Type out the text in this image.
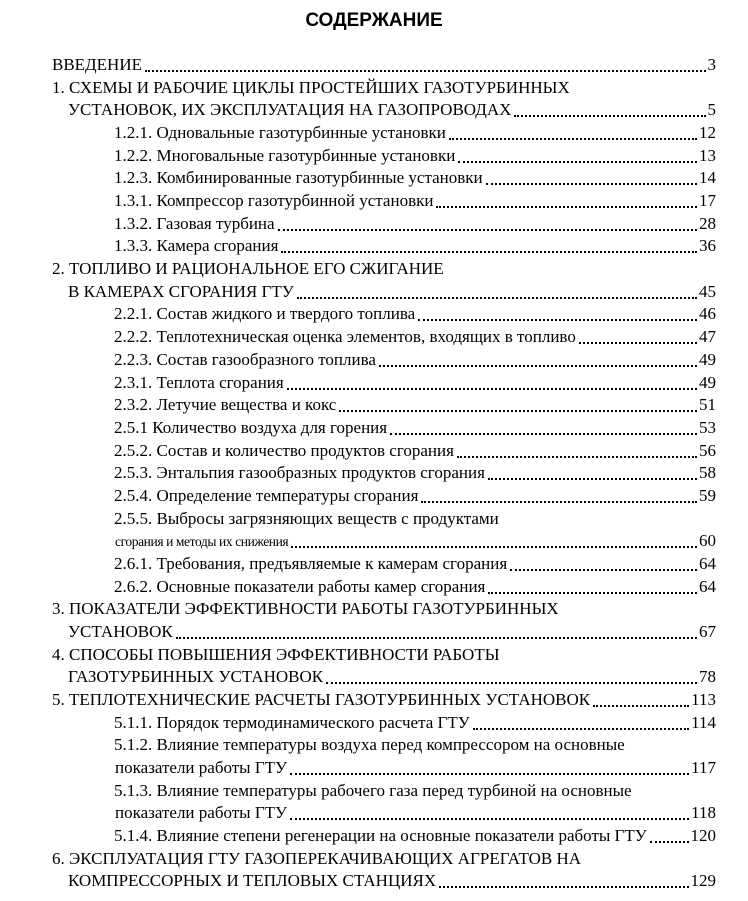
СОДЕРЖАНИЕ
ВВЕДЕНИЕ	3
1. СХЕМЫ И РАБОЧИЕ ЦИКЛЫ ПРОСТЕЙШИХ ГАЗОТУРБИННЫХ
УСТАНОВОК, ИХ ЭКСПЛУАТАЦИЯ НА ГАЗОПРОВОДАХ	5
1.2.1. Одновальные газотурбинные установки	12
1.2.2. Многовальные газотурбинные установки	13
1.2.3. Комбинированные газотурбинные установки	14
1.3.1. Компрессор газотурбинной установки	17
1.3.2. Газовая турбина	28
1.3.3. Камера сгорания	36
2. ТОПЛИВО И РАЦИОНАЛЬНОЕ ЕГО СЖИГАНИЕ
В КАМЕРАХ СГОРАНИЯ ГТУ	45
2.2.1. Состав жидкого и твердого топлива	46
2.2.2. Теплотехническая оценка элементов, входящих в топливо	47
2.2.3. Состав газообразного топлива	49
2.3.1. Теплота сгорания	49
2.3.2. Летучие вещества и кокс	51
2.5.1 Количество воздуха для горения	53
2.5.2. Состав и количество продуктов сгорания	56
2.5.3. Энтальпия газообразных продуктов сгорания	58
2.5.4. Определение температуры сгорания	59
2.5.5. Выбросы загрязняющих веществ с продуктами
сгорания и методы их снижения	60
2.6.1. Требования, предъявляемые к камерам сгорания	64
2.6.2. Основные показатели работы камер сгорания	64
3. ПОКАЗАТЕЛИ ЭФФЕКТИВНОСТИ РАБОТЫ ГАЗОТУРБИННЫХ
УСТАНОВОК	67
4. СПОСОБЫ ПОВЫШЕНИЯ ЭФФЕКТИВНОСТИ РАБОТЫ
ГАЗОТУРБИННЫХ УСТАНОВОК	78
5. ТЕПЛОТЕХНИЧЕСКИЕ РАСЧЕТЫ ГАЗОТУРБИННЫХ УСТАНОВОК	113
5.1.1. Порядок термодинамического расчета ГТУ	114
5.1.2. Влияние температуры воздуха перед компрессором на основные
показатели работы ГТУ	117
5.1.3. Влияние температуры рабочего газа перед турбиной на основные
показатели работы ГТУ	118
5.1.4. Влияние степени регенерации на основные показатели работы ГТУ	120
6. ЭКСПЛУАТАЦИЯ ГТУ ГАЗОПЕРЕКАЧИВАЮЩИХ АГРЕГАТОВ НА
КОМПРЕССОРНЫХ И ТЕПЛОВЫХ СТАНЦИЯХ	129
